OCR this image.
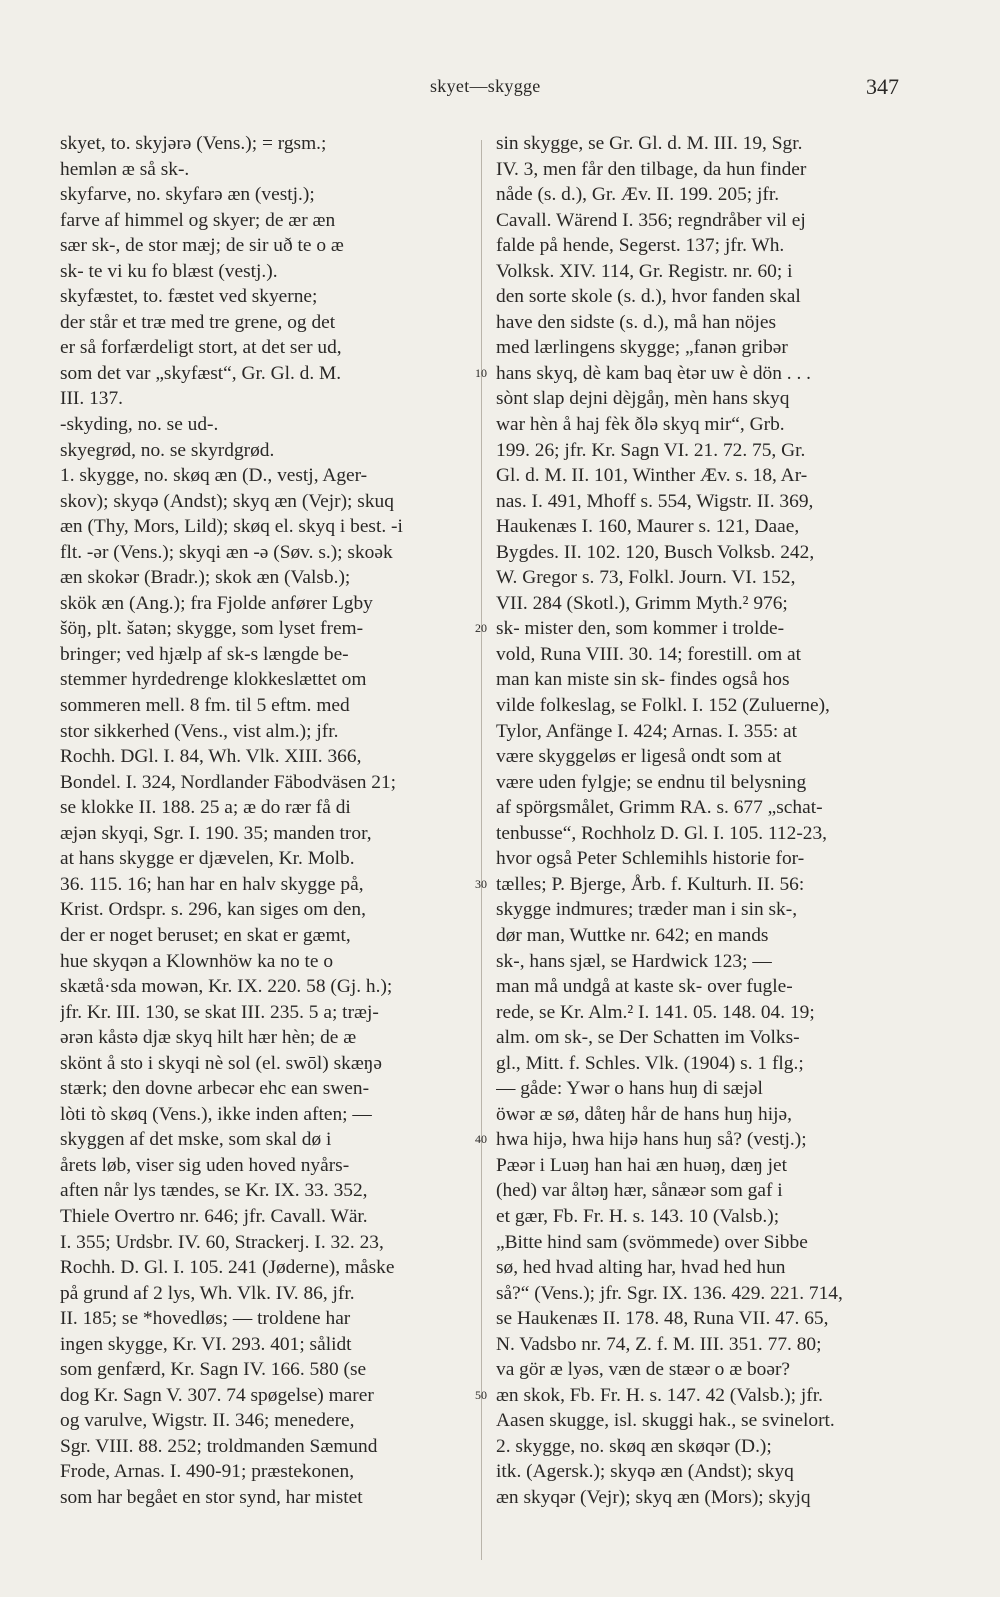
skyet—skygge	347
skyet, to. skyjərə (Vens.); = rgsm.;
hemlən æ så sk-.
skyfarve, no. skyfarə æn (vestj.);
farve af himmel og skyer; de ær æn
sær sk-, de stor mæj; de sir uð te o æ
sk- te vi ku fo blæst (vestj.).
skyfæstet, to. fæstet ved skyerne;
der står et træ med tre grene, og det
er så forfærdeligt stort, at det ser ud,
som det var „skyfæst“, Gr. Gl. d. M.
III. 137.
-skyding, no. se ud-.
skyegrød, no. se skyrdgrød.
1. skygge, no. skøq æn (D., vestj, Ager-
skov); skyqə (Andst); skyq æn (Vejr); skuq
æn (Thy, Mors, Lild); skøq el. skyq i best. -i
flt. -ər (Vens.); skyqi æn -ə (Søv. s.); skoək
æn skokər (Bradr.); skok æn (Valsb.);
skök æn (Ang.); fra Fjolde anfører Lgby
šöŋ, plt. šatən; skygge, som lyset frem-
bringer; ved hjælp af sk-s længde be-
stemmer hyrdedrenge klokkeslættet om
sommeren mell. 8 fm. til 5 eftm. med
stor sikkerhed (Vens., vist alm.); jfr.
Rochh. DGl. I. 84, Wh. Vlk. XIII. 366,
Bondel. I. 324, Nordlander Fäbodväsen 21;
se klokke II. 188. 25 a; æ do rær få di
æjən skyqi, Sgr. I. 190. 35; manden tror,
at hans skygge er djævelen, Kr. Molb.
36. 115. 16; han har en halv skygge på,
Krist. Ordspr. s. 296, kan siges om den,
der er noget beruset; en skat er gæmt,
hue skyqən a Klownhöw ka no te o
skætå·sda mowən, Kr. IX. 220. 58 (Gj. h.);
jfr. Kr. III. 130, se skat III. 235. 5 a; træj-
ərən kåstə djæ skyq hilt hær hèn; de æ
skönt å sto i skyqi nè sol (el. swōl) skæŋə
stærk; den dovne arbecər ehc ean swen-
lòti tò skøq (Vens.), ikke inden aften; —
skyggen af det mske, som skal dø i
årets løb, viser sig uden hoved nyårs-
aften når lys tændes, se Kr. IX. 33. 352,
Thiele Overtro nr. 646; jfr. Cavall. Wär.
I. 355; Urdsbr. IV. 60, Strackerj. I. 32. 23,
Rochh. D. Gl. I. 105. 241 (Jøderne), måske
på grund af 2 lys, Wh. Vlk. IV. 86, jfr.
II. 185; se *hovedløs; — troldene har
ingen skygge, Kr. VI. 293. 401; sålidt
som genfærd, Kr. Sagn IV. 166. 580 (se
dog Kr. Sagn V. 307. 74 spøgelse) marer
og varulve, Wigstr. II. 346; menedere,
Sgr. VIII. 88. 252; troldmanden Sæmund
Frode, Arnas. I. 490-91; præstekonen,
som har begået en stor synd, har mistet
10
20
30
40
50
sin skygge, se Gr. Gl. d. M. III. 19, Sgr.
IV. 3, men får den tilbage, da hun finder
nåde (s. d.), Gr. Æv. II. 199. 205; jfr.
Cavall. Wärend I. 356; regndråber vil ej
falde på hende, Segerst. 137; jfr. Wh.
Volksk. XIV. 114, Gr. Registr. nr. 60; i
den sorte skole (s. d.), hvor fanden skal
have den sidste (s. d.), må han nöjes
med lærlingens skygge; „fanən gribər
hans skyq, dè kam baq ètər uw è dön . . .
sònt slap dejni dèjgåŋ, mèn hans skyq
war hèn å haj fèk ðlə skyq mir“, Grb.
199. 26; jfr. Kr. Sagn VI. 21. 72. 75, Gr.
Gl. d. M. II. 101, Winther Æv. s. 18, Ar-
nas. I. 491, Mhoff s. 554, Wigstr. II. 369,
Haukenæs I. 160, Maurer s. 121, Daae,
Bygdes. II. 102. 120, Busch Volksb. 242,
W. Gregor s. 73, Folkl. Journ. VI. 152,
VII. 284 (Skotl.), Grimm Myth.² 976;
sk- mister den, som kommer i trolde-
vold, Runa VIII. 30. 14; forestill. om at
man kan miste sin sk- findes også hos
vilde folkeslag, se Folkl. I. 152 (Zuluerne),
Tylor, Anfänge I. 424; Arnas. I. 355: at
være skyggeløs er ligeså ondt som at
være uden fylgje; se endnu til belysning
af spörgsmålet, Grimm RA. s. 677 „schat-
tenbusse“, Rochholz D. Gl. I. 105. 112-23,
hvor også Peter Schlemihls historie for-
tælles; P. Bjerge, Årb. f. Kulturh. II. 56:
skygge indmures; træder man i sin sk-,
dør man, Wuttke nr. 642; en mands
sk-, hans sjæl, se Hardwick 123; —
man må undgå at kaste sk- over fugle-
rede, se Kr. Alm.² I. 141. 05. 148. 04. 19;
alm. om sk-, se Der Schatten im Volks-
gl., Mitt. f. Schles. Vlk. (1904) s. 1 flg.;
— gåde: Ywər o hans huŋ di sæjəl
öwər æ sø, dåteŋ hår de hans huŋ hijə,
hwa hijə, hwa hijə hans huŋ så? (vestj.);
Pæər i Luəŋ han hai æn huəŋ, dæŋ jet
(hed) var åltəŋ hær, sånæər som gaf i
et gær, Fb. Fr. H. s. 143. 10 (Valsb.);
„Bitte hind sam (svömmede) over Sibbe
sø, hed hvad alting har, hvad hed hun
så?“ (Vens.); jfr. Sgr. IX. 136. 429. 221. 714,
se Haukenæs II. 178. 48, Runa VII. 47. 65,
N. Vadsbo nr. 74, Z. f. M. III. 351. 77. 80;
va gör æ lyəs, væn de stæər o æ boər?
æn skok, Fb. Fr. H. s. 147. 42 (Valsb.); jfr.
Aasen skugge, isl. skuggi hak., se svinelort.
2. skygge, no. skøq æn skøqər (D.);
itk. (Agersk.); skyqə æn (Andst); skyq
æn skyqər (Vejr); skyq æn (Mors); skyjq
